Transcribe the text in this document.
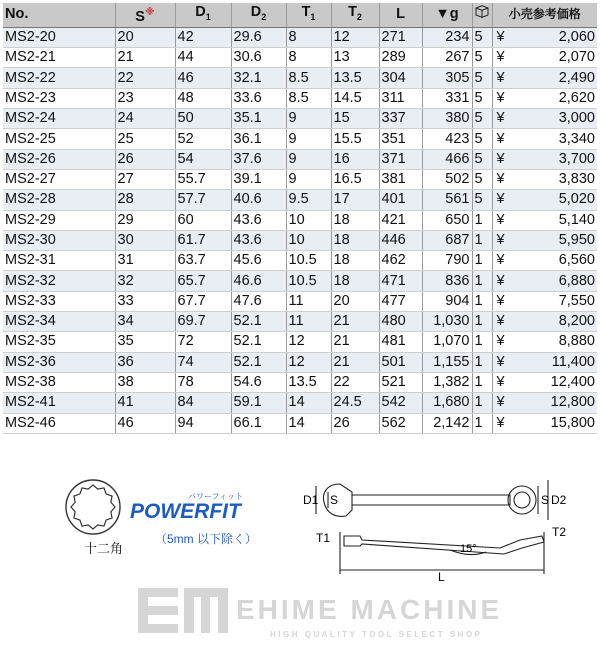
No.	S※	$D_1$	$D_2$	$T_1$	$T_2$	L	▼g		小売参考価格
MS2-20	20	42	29.6	8	12	271	234	5	¥ 2,060
MS2-21	21	44	30.6	8	13	289	267	5	¥ 2,070
MS2-22	22	46	32.1	8.5	13.5	304	305	5	¥ 2,490
MS2-23	23	48	33.6	8.5	14.5	311	331	5	¥ 2,620
MS2-24	24	50	35.1	9	15	337	380	5	¥ 3,000
MS2-25	25	52	36.1	9	15.5	351	423	5	¥ 3,340
MS2-26	26	54	37.6	9	16	371	466	5	¥ 3,700
MS2-27	27	55.7	39.1	9	16.5	381	502	5	¥ 3,830
MS2-28	28	57.7	40.6	9.5	17	401	561	5	¥ 5,020
MS2-29	29	60	43.6	10	18	421	650	1	¥ 5,140
MS2-30	30	61.7	43.6	10	18	446	687	1	¥ 5,950
MS2-31	31	63.7	45.6	10.5	18	462	790	1	¥ 6,560
MS2-32	32	65.7	46.6	10.5	18	471	836	1	¥ 6,880
MS2-33	33	67.7	47.6	11	20	477	904	1	¥ 7,550
MS2-34	34	69.7	52.1	11	21	480	1,030	1	¥ 8,200
MS2-35	35	72	52.1	12	21	481	1,070	1	¥ 8,880
MS2-36	36	74	52.1	12	21	501	1,155	1	¥ 11,400
MS2-38	38	78	54.6	13.5	22	521	1,382	1	¥ 12,400
MS2-41	41	84	59.1	14	24.5	542	1,680	1	¥ 12,800
MS2-46	46	94	66.1	14	26	562	2,142	1	¥ 15,800
十二角
POWERFIT
パワーフィット
（5mm 以下除く）
D1 S	S D2
T1	T2
15°
L
EHIME MACHINE
HIGH QUALITY TOOL SELECT SHOP
